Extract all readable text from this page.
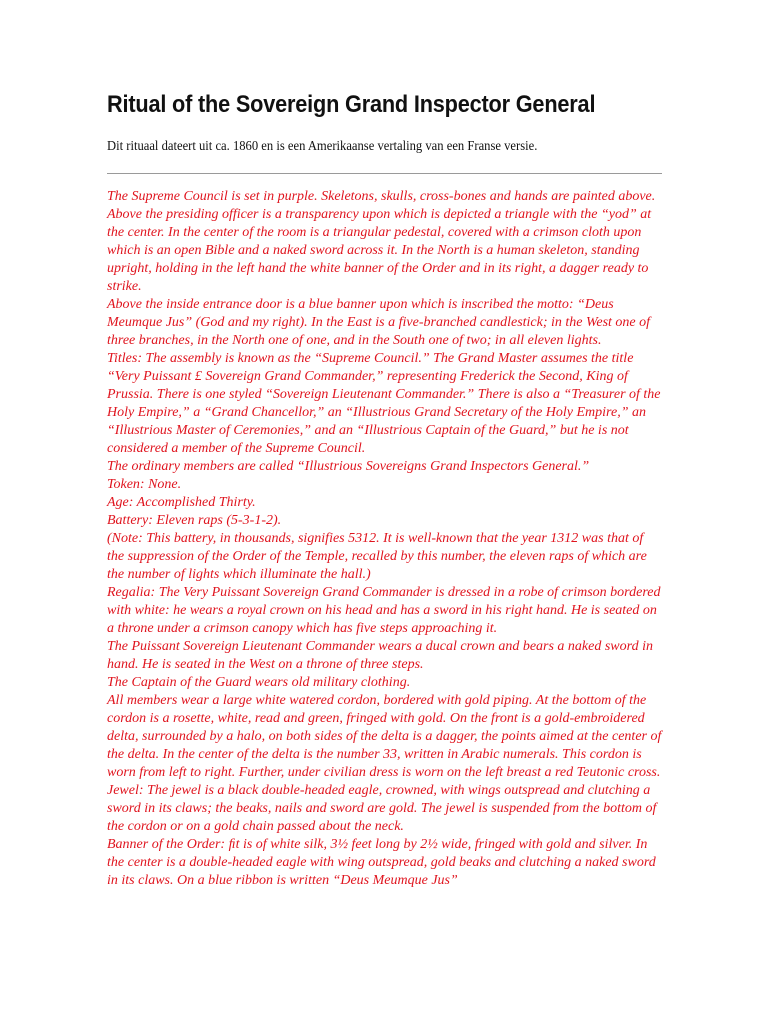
Ritual of the Sovereign Grand Inspector General

Dit rituaal dateert uit ca. 1860 en is een Amerikaanse vertaling van een Franse versie.

The Supreme Council is set in purple. Skeletons, skulls, cross-bones and hands are painted above. Above the presiding officer is a transparency upon which is depicted a triangle with the “yod” at the center. In the center of the room is a triangular pedestal, covered with a crimson cloth upon which is an open Bible and a naked sword across it. In the North is a human skeleton, standing upright, holding in the left hand the white banner of the Order and in its right, a dagger ready to strike.
Above the inside entrance door is a blue banner upon which is inscribed the motto: “Deus Meumque Jus” (God and my right). In the East is a five-branched candlestick; in the West one of three branches, in the North one of one, and in the South one of two; in all eleven lights.
Titles: The assembly is known as the “Supreme Council.” The Grand Master assumes the title “Very Puissant £ Sovereign Grand Commander,” representing Frederick the Second, King of Prussia. There is one styled “Sovereign Lieutenant Commander.” There is also a “Treasurer of the Holy Empire,” a “Grand Chancellor,” an “Illustrious Grand Secretary of the Holy Empire,” an “Illustrious Master of Ceremonies,” and an “Illustrious Captain of the Guard,” but he is not considered a member of the Supreme Council.
The ordinary members are called “Illustrious Sovereigns Grand Inspectors General.”
Token: None.
Age: Accomplished Thirty.
Battery: Eleven raps (5-3-1-2).
(Note: This battery, in thousands, signifies 5312. It is well-known that the year 1312 was that of the suppression of the Order of the Temple, recalled by this number, the eleven raps of which are the number of lights which illuminate the hall.)
Regalia: The Very Puissant Sovereign Grand Commander is dressed in a robe of crimson bordered with white: he wears a royal crown on his head and has a sword in his right hand. He is seated on a throne under a crimson canopy which has five steps approaching it.
The Puissant Sovereign Lieutenant Commander wears a ducal crown and bears a naked sword in hand. He is seated in the West on a throne of three steps.
The Captain of the Guard wears old military clothing.
All members wear a large white watered cordon, bordered with gold piping. At the bottom of the cordon is a rosette, white, read and green, fringed with gold. On the front is a gold-embroidered delta, surrounded by a halo, on both sides of the delta is a dagger, the points aimed at the center of the delta. In the center of the delta is the number 33, written in Arabic numerals. This cordon is worn from left to right. Further, under civilian dress is worn on the left breast a red Teutonic cross.
Jewel: The jewel is a black double-headed eagle, crowned, with wings outspread and clutching a sword in its claws; the beaks, nails and sword are gold. The jewel is suspended from the bottom of the cordon or on a gold chain passed about the neck.
Banner of the Order: ﬁt is of white silk, 3½ feet long by 2½ wide, fringed with gold and silver. In the center is a double-headed eagle with wing outspread, gold beaks and clutching a naked sword in its claws. On a blue ribbon is written “Deus Meumque Jus”
